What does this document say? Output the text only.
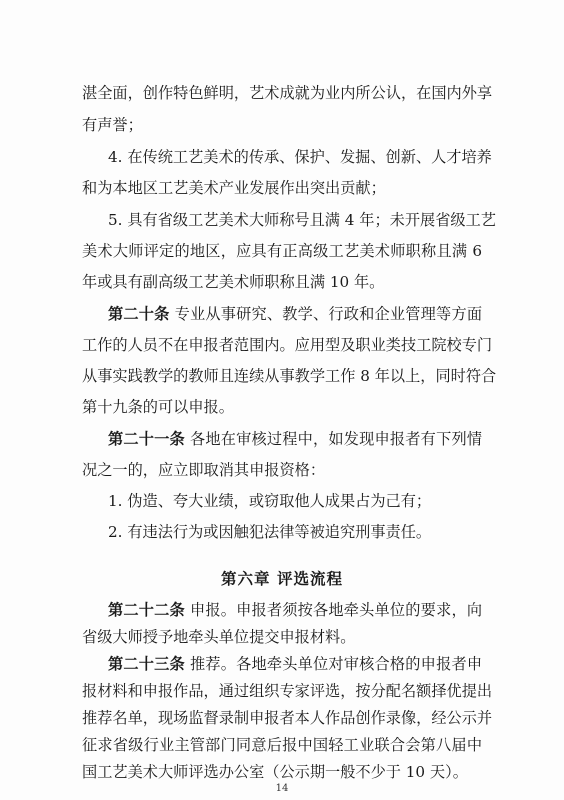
湛全面，创作特色鲜明，艺术成就为业内所公认，在国内外享
有声誉；
4. 在传统工艺美术的传承、保护、发掘、创新、人才培养
和为本地区工艺美术产业发展作出突出贡献；
5. 具有省级工艺美术大师称号且满 4 年；未开展省级工艺
美术大师评定的地区，应具有正高级工艺美术师职称且满 6
年或具有副高级工艺美术师职称且满 10 年。
第二十条 专业从事研究、教学、行政和企业管理等方面
工作的人员不在申报者范围内。应用型及职业类技工院校专门
从事实践教学的教师且连续从事教学工作 8 年以上，同时符合
第十九条的可以申报。
第二十一条 各地在审核过程中，如发现申报者有下列情
况之一的，应立即取消其申报资格：
1. 伪造、夸大业绩，或窃取他人成果占为己有；
2. 有违法行为或因触犯法律等被追究刑事责任。
第六章 评选流程
第二十二条 申报。申报者须按各地牵头单位的要求，向
省级大师授予地牵头单位提交申报材料。
第二十三条 推荐。各地牵头单位对审核合格的申报者申
报材料和申报作品，通过组织专家评选，按分配名额择优提出
推荐名单，现场监督录制申报者本人作品创作录像，经公示并
征求省级行业主管部门同意后报中国轻工业联合会第八届中
国工艺美术大师评选办公室（公示期一般不少于 10 天）。
14
